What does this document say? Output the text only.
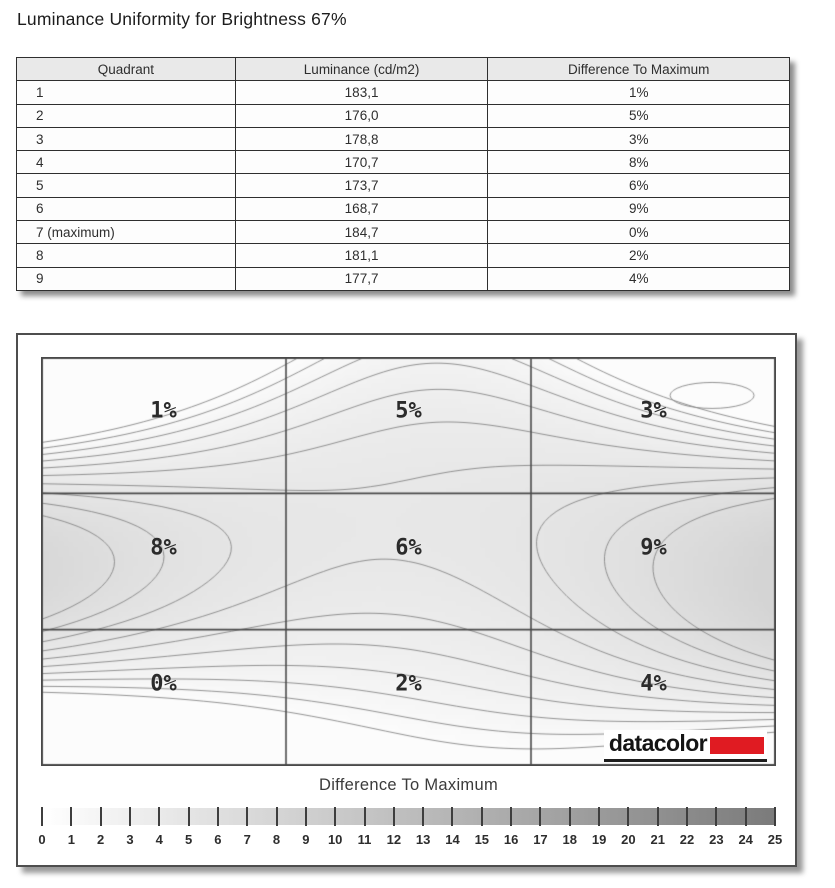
Luminance Uniformity for Brightness 67%
Quadrant	Luminance (cd/m2)	Difference To Maximum
1	183,1	1%
2	176,0	5%
3	178,8	3%
4	170,7	8%
5	173,7	6%
6	168,7	9%
7 (maximum)	184,7	0%
8	181,1	2%
9	177,7	4%
1%	5%	3%
8%	6%	9%
0%	2%	4%
datacolor
Difference To Maximum
0 1 2 3 4 5 6 7 8 9 10 11 12 13 14 15 16 17 18 19 20 21 22 23 24 25
